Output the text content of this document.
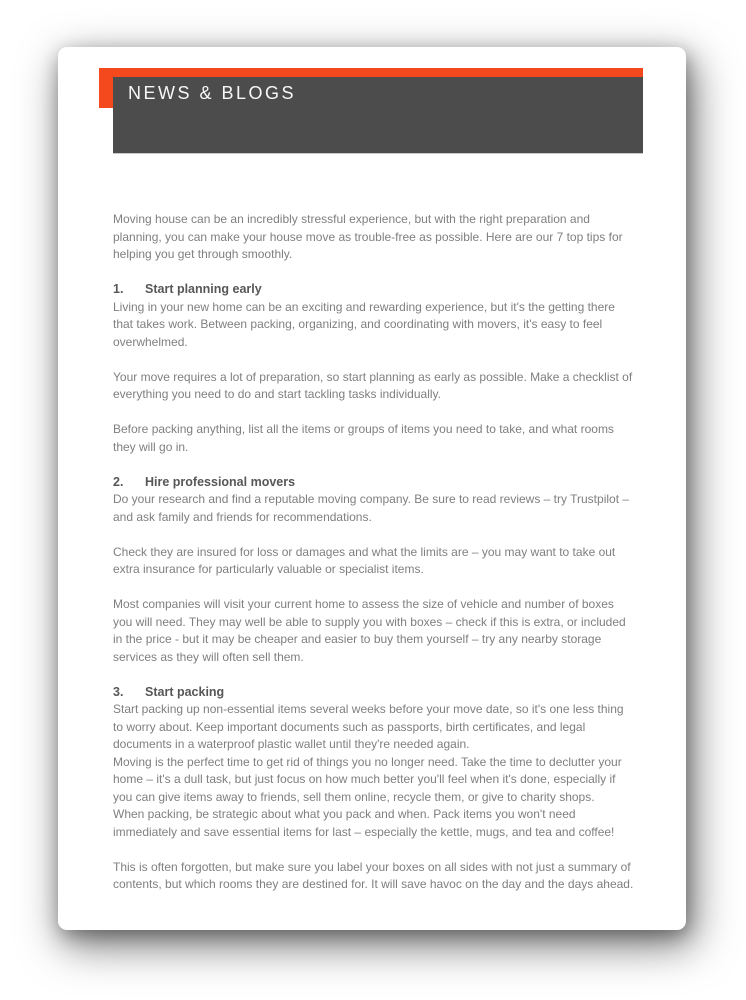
NEWS & BLOGS

Moving house can be an incredibly stressful experience, but with the right preparation and planning, you can make your house move as trouble-free as possible. Here are our 7 top tips for helping you get through smoothly.

1. Start planning early

Living in your new home can be an exciting and rewarding experience, but it's the getting there that takes work. Between packing, organizing, and coordinating with movers, it's easy to feel overwhelmed.

Your move requires a lot of preparation, so start planning as early as possible. Make a checklist of everything you need to do and start tackling tasks individually.

Before packing anything, list all the items or groups of items you need to take, and what rooms they will go in.

2. Hire professional movers

Do your research and find a reputable moving company. Be sure to read reviews – try Trustpilot – and ask family and friends for recommendations.

Check they are insured for loss or damages and what the limits are – you may want to take out extra insurance for particularly valuable or specialist items.

Most companies will visit your current home to assess the size of vehicle and number of boxes you will need. They may well be able to supply you with boxes – check if this is extra, or included in the price - but it may be cheaper and easier to buy them yourself – try any nearby storage services as they will often sell them.

3. Start packing

Start packing up non-essential items several weeks before your move date, so it's one less thing to worry about. Keep important documents such as passports, birth certificates, and legal documents in a waterproof plastic wallet until they're needed again.

Moving is the perfect time to get rid of things you no longer need. Take the time to declutter your home – it's a dull task, but just focus on how much better you'll feel when it's done, especially if you can give items away to friends, sell them online, recycle them, or give to charity shops.

When packing, be strategic about what you pack and when. Pack items you won't need immediately and save essential items for last – especially the kettle, mugs, and tea and coffee!

This is often forgotten, but make sure you label your boxes on all sides with not just a summary of contents, but which rooms they are destined for. It will save havoc on the day and the days ahead.
